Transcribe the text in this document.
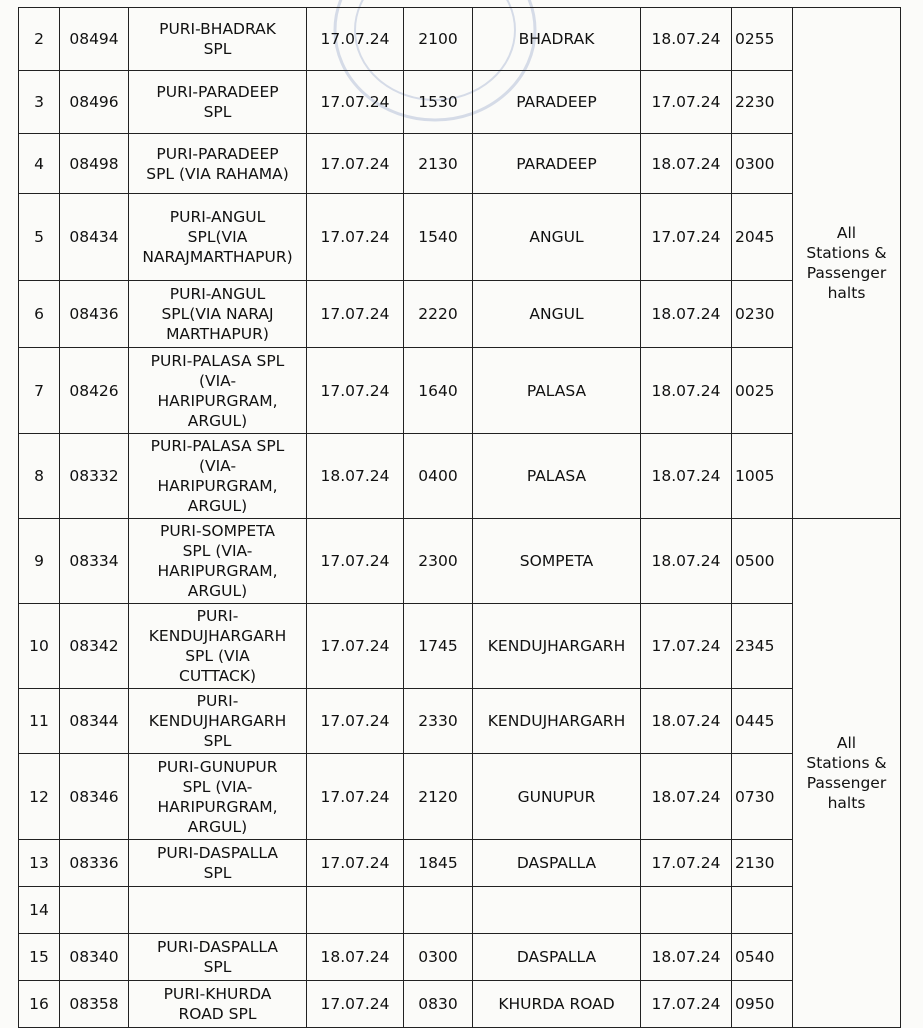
2	08494	PURI-BHADRAK
SPL	17.07.24	2100	BHADRAK	18.07.24	0255	All
Stations &
Passenger
halts

3	08496	PURI-PARADEEP
SPL	17.07.24	1530	PARADEEP	17.07.24	2230	
4	08498	PURI-PARADEEP
SPL (VIA RAHAMA)	17.07.24	2130	PARADEEP	18.07.24	0300	
5	08434	PURI-ANGUL
SPL(VIA
NARAJMARTHAPUR)	17.07.24	1540	ANGUL	17.07.24	2045	
6	08436	PURI-ANGUL
SPL(VIA NARAJ
MARTHAPUR)	17.07.24	2220	ANGUL	18.07.24	0230	
7	08426	PURI-PALASA SPL
(VIA-
HARIPURGRAM,
ARGUL)	17.07.24	1640	PALASA	18.07.24	0025	
8	08332	PURI-PALASA SPL
(VIA-
HARIPURGRAM,
ARGUL)	18.07.24	0400	PALASA	18.07.24	1005	
9	08334	PURI-SOMPETA
SPL (VIA-
HARIPURGRAM,
ARGUL)	17.07.24	2300	SOMPETA	18.07.24	0500	All
Stations &
Passenger
halts

10	08342	PURI-
KENDUJHARGARH
SPL (VIA
CUTTACK)	17.07.24	1745	KENDUJHARGARH	17.07.24	2345	
11	08344	PURI-
KENDUJHARGARH
SPL	17.07.24	2330	KENDUJHARGARH	18.07.24	0445	
12	08346	PURI-GUNUPUR
SPL (VIA-
HARIPURGRAM,
ARGUL)	17.07.24	2120	GUNUPUR	18.07.24	0730	
13	08336	PURI-DASPALLA
SPL	17.07.24	1845	DASPALLA	17.07.24	2130	
14								
15	08340	PURI-DASPALLA
SPL	18.07.24	0300	DASPALLA	18.07.24	0540	
16	08358	PURI-KHURDA
ROAD SPL	17.07.24	0830	KHURDA ROAD	17.07.24	0950	
